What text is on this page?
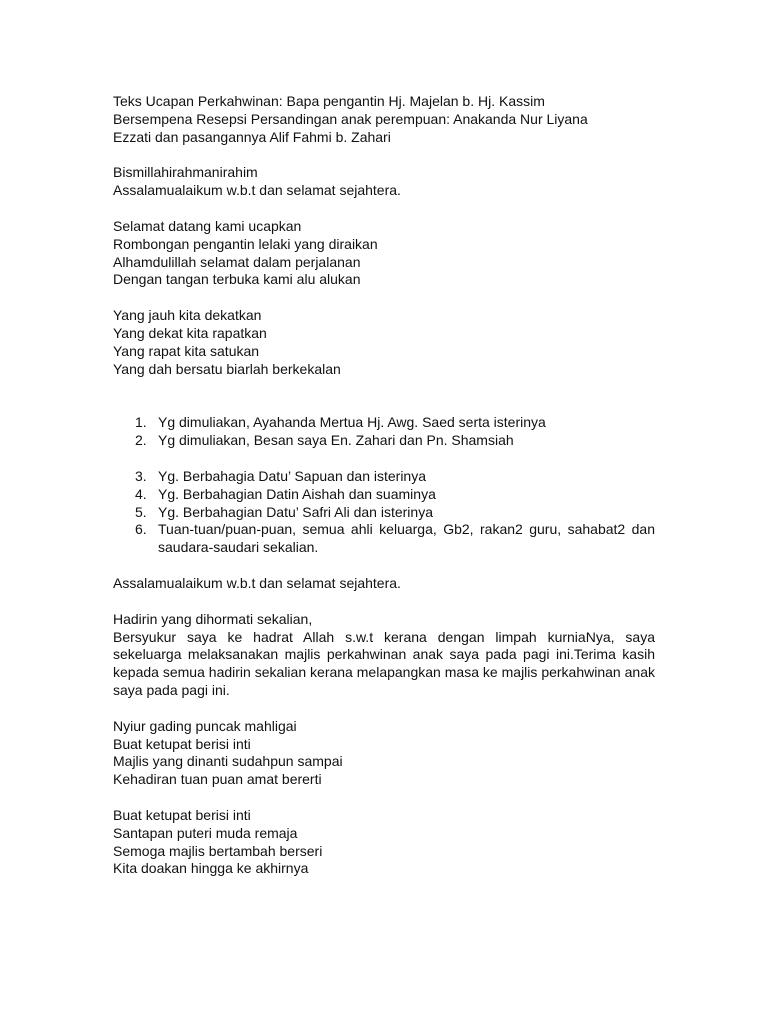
Teks Ucapan Perkahwinan: Bapa pengantin Hj. Majelan b. Hj. Kassim
Bersempena Resepsi Persandingan anak perempuan: Anakanda Nur Liyana
Ezzati dan pasangannya Alif Fahmi b. Zahari
Bismillahirahmanirahim
Assalamualaikum w.b.t dan selamat sejahtera.
Selamat datang kami ucapkan
Rombongan pengantin lelaki yang diraikan
Alhamdulillah selamat dalam perjalanan
Dengan tangan terbuka kami alu alukan
Yang jauh kita dekatkan
Yang dekat kita rapatkan
Yang rapat kita satukan
Yang dah bersatu biarlah berkekalan
1. Yg dimuliakan, Ayahanda Mertua Hj. Awg. Saed serta isterinya
2. Yg dimuliakan, Besan saya En. Zahari dan Pn. Shamsiah
3. Yg. Berbahagia Datu’ Sapuan dan isterinya
4. Yg. Berbahagian Datin Aishah dan suaminya
5. Yg. Berbahagian Datu’ Safri Ali dan isterinya
6. Tuan-tuan/puan-puan, semua ahli keluarga, Gb2, rakan2 guru, sahabat2 dan saudara-saudari sekalian.
Assalamualaikum w.b.t dan selamat sejahtera.
Hadirin yang dihormati sekalian,
Bersyukur saya ke hadrat Allah s.w.t kerana dengan limpah kurniaNya, saya sekeluarga melaksanakan majlis perkahwinan anak saya pada pagi ini.Terima kasih kepada semua hadirin sekalian kerana melapangkan masa ke majlis perkahwinan anak saya pada pagi ini.
Nyiur gading puncak mahligai
Buat ketupat berisi inti
Majlis yang dinanti sudahpun sampai
Kehadiran tuan puan amat bererti
Buat ketupat berisi inti
Santapan puteri muda remaja
Semoga majlis bertambah berseri
Kita doakan hingga ke akhirnya
